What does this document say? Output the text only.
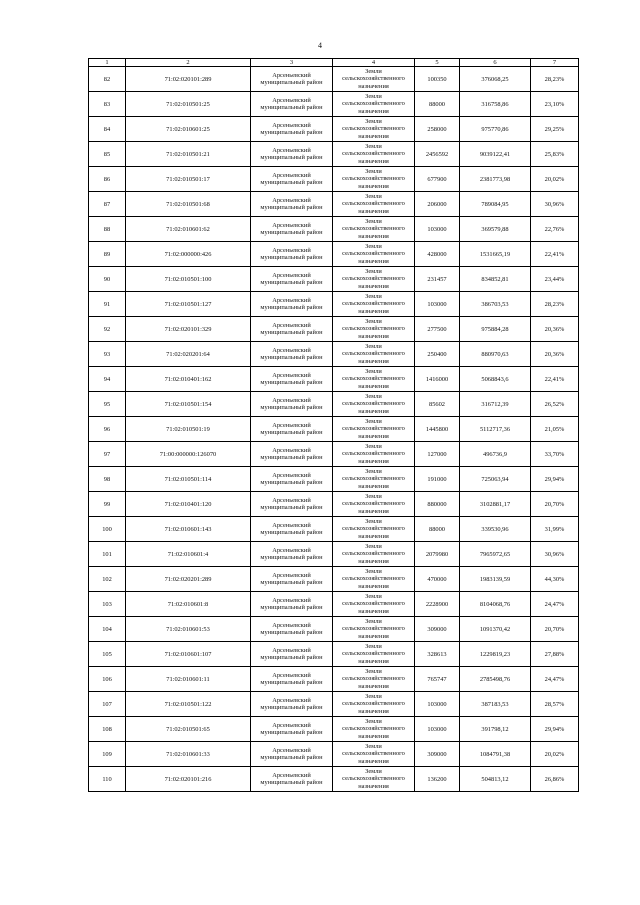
4
1	2	3	4	5	6	7
82	71:02:020101:289	Арсеньевский
муниципальный район	Земли
сельскохозяйственного
назначения	100350	376068,25	28,23%
83	71:02:010501:25	Арсеньевский
муниципальный район	Земли
сельскохозяйственного
назначения	88000	316758,86	23,10%
84	71:02:010601:25	Арсеньевский
муниципальный район	Земли
сельскохозяйственного
назначения	258000	975770,86	29,25%
85	71:02:010501:21	Арсеньевский
муниципальный район	Земли
сельскохозяйственного
назначения	2456592	9039122,41	25,83%
86	71:02:010501:17	Арсеньевский
муниципальный район	Земли
сельскохозяйственного
назначения	677900	2381773,98	20,02%
87	71:02:010501:68	Арсеньевский
муниципальный район	Земли
сельскохозяйственного
назначения	206000	789084,95	30,96%
88	71:02:010601:62	Арсеньевский
муниципальный район	Земли
сельскохозяйственного
назначения	103000	369579,88	22,76%
89	71:02:000000:426	Арсеньевский
муниципальный район	Земли
сельскохозяйственного
назначения	428000	1531665,19	22,41%
90	71:02:010501:100	Арсеньевский
муниципальный район	Земли
сельскохозяйственного
назначения	231457	834852,81	23,44%
91	71:02:010501:127	Арсеньевский
муниципальный район	Земли
сельскохозяйственного
назначения	103000	386703,53	28,23%
92	71:02:020101:329	Арсеньевский
муниципальный район	Земли
сельскохозяйственного
назначения	277500	975884,28	20,36%
93	71:02:020201:64	Арсеньевский
муниципальный район	Земли
сельскохозяйственного
назначения	250400	880970,63	20,36%
94	71:02:010401:162	Арсеньевский
муниципальный район	Земли
сельскохозяйственного
назначения	1416000	5068843,6	22,41%
95	71:02:010501:154	Арсеньевский
муниципальный район	Земли
сельскохозяйственного
назначения	85602	316712,39	26,52%
96	71:02:010501:19	Арсеньевский
муниципальный район	Земли
сельскохозяйственного
назначения	1445800	5112717,36	21,05%
97	71:00:000000:126070	Арсеньевский
муниципальный район	Земли
сельскохозяйственного
назначения	127000	496736,9	33,70%
98	71:02:010501:114	Арсеньевский
муниципальный район	Земли
сельскохозяйственного
назначения	191000	725063,94	29,94%
99	71:02:010401:120	Арсеньевский
муниципальный район	Земли
сельскохозяйственного
назначения	880000	3102881,17	20,70%
100	71:02:010601:143	Арсеньевский
муниципальный район	Земли
сельскохозяйственного
назначения	88000	339530,96	31,99%
101	71:02:010601:4	Арсеньевский
муниципальный район	Земли
сельскохозяйственного
назначения	2079980	7965972,65	30,96%
102	71:02:020201:289	Арсеньевский
муниципальный район	Земли
сельскохозяйственного
назначения	470000	1983139,59	44,30%
103	71:02:010601:8	Арсеньевский
муниципальный район	Земли
сельскохозяйственного
назначения	2228900	8104068,76	24,47%
104	71:02:010601:53	Арсеньевский
муниципальный район	Земли
сельскохозяйственного
назначения	309000	1091370,42	20,70%
105	71:02:010601:107	Арсеньевский
муниципальный район	Земли
сельскохозяйственного
назначения	328613	1229819,23	27,88%
106	71:02:010601:11	Арсеньевский
муниципальный район	Земли
сельскохозяйственного
назначения	765747	2785498,76	24,47%
107	71:02:010501:122	Арсеньевский
муниципальный район	Земли
сельскохозяйственного
назначения	103000	387183,53	28,57%
108	71:02:010501:65	Арсеньевский
муниципальный район	Земли
сельскохозяйственного
назначения	103000	391798,12	29,94%
109	71:02:010601:33	Арсеньевский
муниципальный район	Земли
сельскохозяйственного
назначения	309000	1084791,38	20,02%
110	71:02:020101:216	Арсеньевский
муниципальный район	Земли
сельскохозяйственного
назначения	136200	504813,12	26,86%
